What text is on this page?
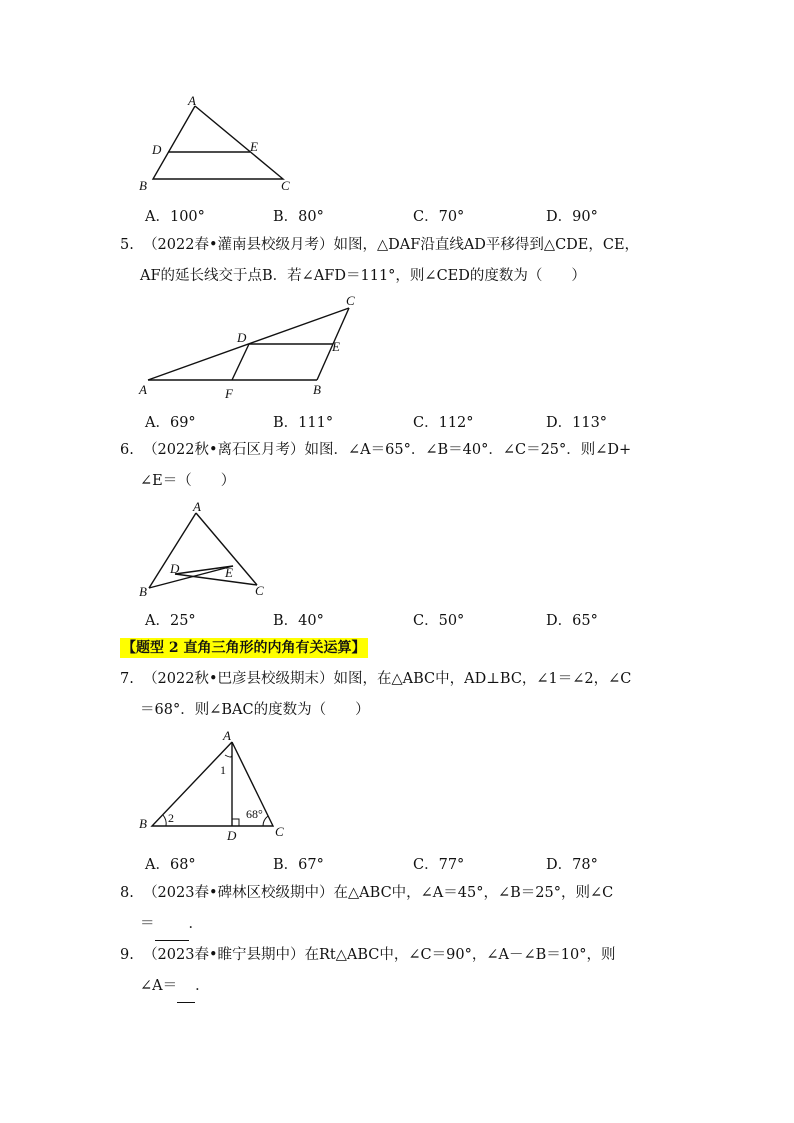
A
D	E
B	C
A．100°	B．80°	C．70°	D．90°
5. （2022春•灌南县校级月考）如图，△DAF沿直线AD平移得到△CDE，CE，
AF的延长线交于点B．若∠AFD＝111°，则∠CED的度数为（　　）
C
D
E
A	F	B
A．69°	B．111°	C．112°	D．113°
6. （2022秋•离石区月考）如图．∠A＝65°．∠B＝40°．∠C＝25°．则∠D+
∠E＝（　　）
A
D	E
B	C
A．25°	B．40°	C．50°	D．65°
【题型 2 直角三角形的内角有关运算】
7. （2022秋•巴彦县校级期末）如图，在△ABC中，AD⊥BC，∠1＝∠2，∠C
＝68°．则∠BAC的度数为（　　）
A
1
68°
2
B
D	C
A．68°	B．67°	C．77°	D．78°
8. （2023春•碑林区校级期中）在△ABC中，∠A＝45°，∠B＝25°，则∠C
＝ ．
9. （2023春•睢宁县期中）在Rt△ABC中，∠C＝90°，∠A－∠B＝10°，则
∠A＝ ．
